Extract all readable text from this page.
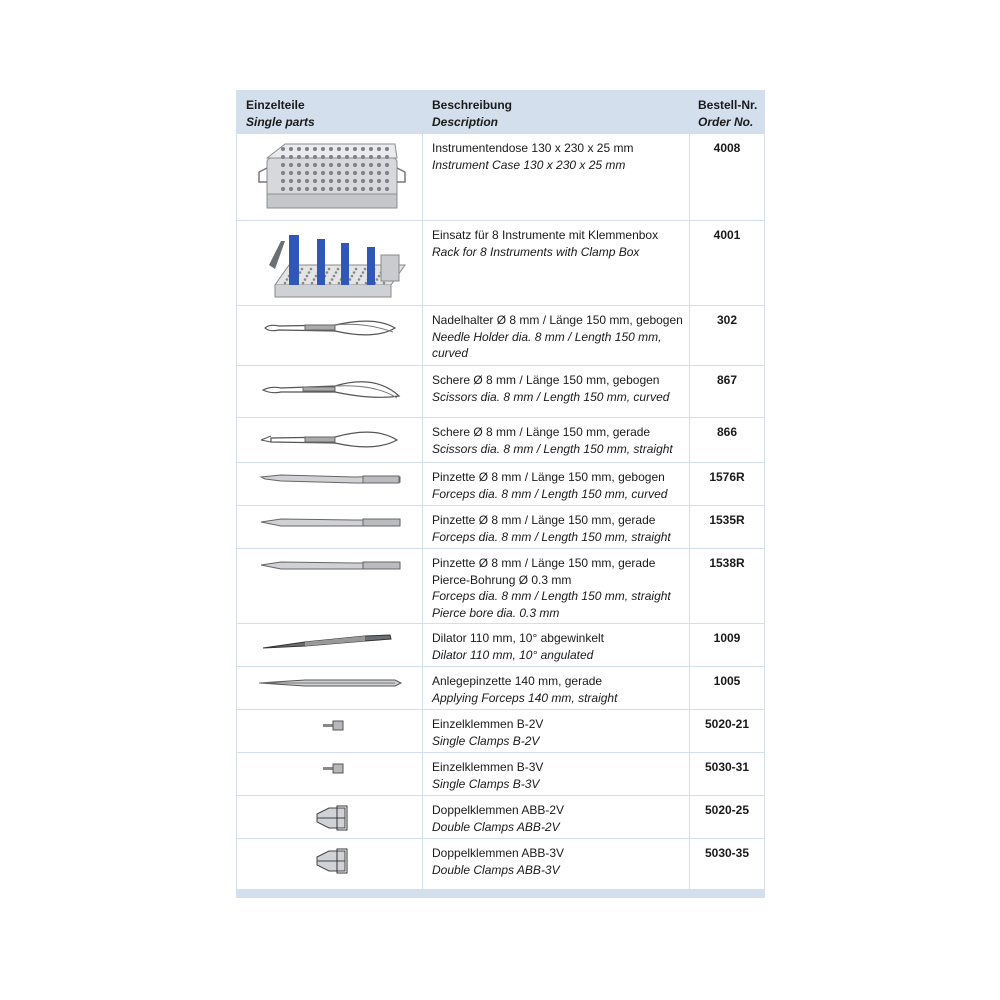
Einzelteile
Single parts
Beschreibung
Description
Bestell-Nr.
Order No.
Instrumentendose 130 x 230 x 25 mm
Instrument Case 130 x 230 x 25 mm
4008
Einsatz für 8 Instrumente mit Klemmenbox
Rack for 8 Instruments with Clamp Box
4001
Nadelhalter Ø 8 mm / Länge 150 mm, gebogen
Needle Holder dia. 8 mm / Length 150 mm,
curved
302
Schere Ø 8 mm / Länge 150 mm, gebogen
Scissors dia. 8 mm / Length 150 mm, curved
867
Schere Ø 8 mm / Länge 150 mm, gerade
Scissors dia. 8 mm / Length 150 mm, straight
866
Pinzette Ø 8 mm / Länge 150 mm, gebogen
Forceps dia. 8 mm / Length 150 mm, curved
1576R
Pinzette Ø 8 mm / Länge 150 mm, gerade
Forceps dia. 8 mm / Length 150 mm, straight
1535R
Pinzette Ø 8 mm / Länge 150 mm, gerade
Pierce-Bohrung Ø 0.3 mm
Forceps dia. 8 mm / Length 150 mm, straight
Pierce bore dia. 0.3 mm
1538R
Dilator 110 mm, 10° abgewinkelt
Dilator 110 mm, 10° angulated
1009
Anlegepinzette 140 mm, gerade
Applying Forceps 140 mm, straight
1005
Einzelklemmen B-2V
Single Clamps B-2V
5020-21
Einzelklemmen B-3V
Single Clamps B-3V
5030-31
Doppelklemmen ABB-2V
Double Clamps ABB-2V
5020-25
Doppelklemmen ABB-3V
Double Clamps ABB-3V
5030-35
